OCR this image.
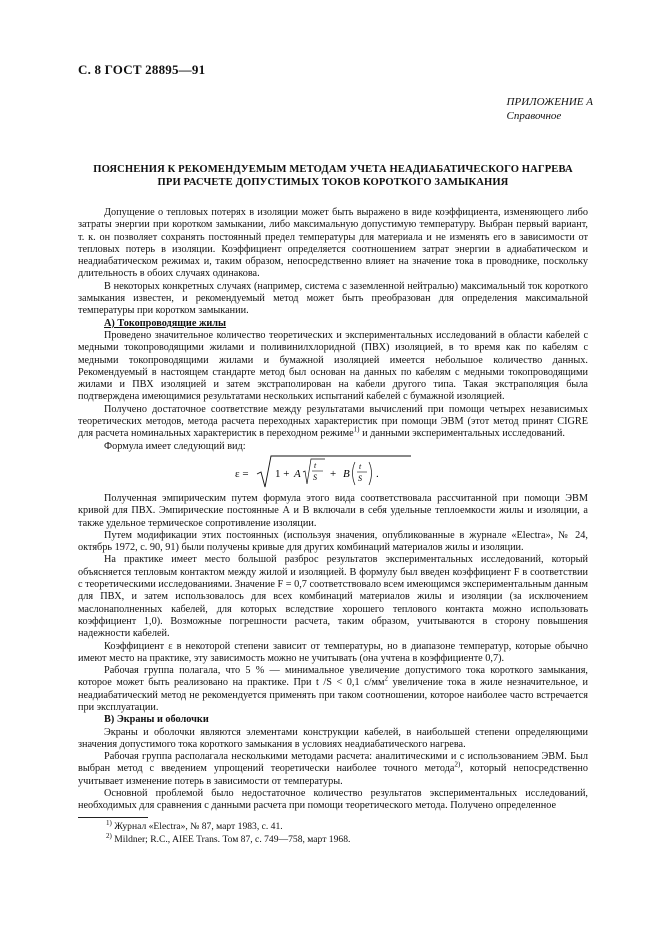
С. 8 ГОСТ 28895—91
ПРИЛОЖЕНИЕ А
Справочное
ПОЯСНЕНИЯ К РЕКОМЕНДУЕМЫМ МЕТОДАМ УЧЕТА НЕАДИАБАТИЧЕСКОГО НАГРЕВА
ПРИ РАСЧЕТЕ ДОПУСТИМЫХ ТОКОВ КОРОТКОГО ЗАМЫКАНИЯ

Допущение о тепловых потерях в изоляции может быть выражено в виде коэффициента, изменяющего либо затраты энергии при коротком замыкании, либо максимальную допустимую температуру. Выбран первый вариант, т. к. он позволяет сохранять постоянный предел температуры для материала и не изменять его в зависимости от тепловых потерь в изоляции. Коэффициент определяется соотношением затрат энергии в адиабатическом и неадиабатическом режимах и, таким образом, непосредственно влияет на значение тока в проводнике, поскольку длительность в обоих случаях одинакова.

В некоторых конкретных случаях (например, система с заземленной нейтралью) максимальный ток короткого замыкания известен, и рекомендуемый метод может быть преобразован для определения максимальной температуры при коротком замыкании.

А) Токопроводящие жилы

Проведено значительное количество теоретических и экспериментальных исследований в области кабелей с медными токопроводящими жилами и поливинилхлоридной (ПВХ) изоляцией, в то время как по кабелям с медными токопроводящими жилами и бумажной изоляцией имеется небольшое количество данных. Рекомендуемый в настоящем стандарте метод был основан на данных по кабелям с медными токопроводящими жилами и ПВХ изоляцией и затем экстраполирован на кабели другого типа. Такая экстраполяция была подтверждена имеющимися результатами нескольких испытаний кабелей с бумажной изоляцией.

Получено достаточное соответствие между результатами вычислений при помощи четырех независимых теоретических методов, метода расчета переходных характеристик при помощи ЭВМ (этот метод принят CIGRE для расчета номинальных характеристик в переходном режиме$^{1)}$ и данными экспериментальных исследований.

Формула имеет следующий вид:

ε = 1 + A
t
S + B
t
S .

Полученная эмпирическим путем формула этого вида соответствовала рассчитанной при помощи ЭВМ кривой для ПВХ. Эмпирические постоянные А и В включали в себя удельные теплоемкости жилы и изоляции, а также удельное термическое сопротивление изоляции.

Путем модификации этих постоянных (используя значения, опубликованные в журнале «Electra», № 24, октябрь 1972, с. 90, 91) были получены кривые для других комбинаций материалов жилы и изоляции.

На практике имеет место большой разброс результатов экспериментальных исследований, который объясняется тепловым контактом между жилой и изоляцией. В формулу был введен коэффициент F в соответствии с теоретическими исследованиями. Значение F = 0,7 соответствовало всем имеющимся экспериментальным данным для ПВХ, и затем использовалось для всех комбинаций материалов жилы и изоляции (за исключением маслонаполненных кабелей, для которых вследствие хорошего теплового контакта можно использовать коэффициент 1,0). Возможные погрешности расчета, таким образом, учитываются в сторону повышения надежности кабелей.

Коэффициент ε в некоторой степени зависит от температуры, но в диапазоне температур, которые обычно имеют место на практике, эту зависимость можно не учитывать (она учтена в коэффициенте 0,7).

Рабочая группа полагала, что 5 % — минимальное увеличение допустимого тока короткого замыкания, которое может быть реализовано на практике. При t /S < 0,1 $с/мм^2$ увеличение тока в жиле незначительное, и неадиабатический метод не рекомендуется применять при таком соотношении, которое наиболее часто встречается при эксплуатации.

В) Экраны и оболочки

Экраны и оболочки являются элементами конструкции кабелей, в наибольшей степени определяющими значения допустимого тока короткого замыкания в условиях неадиабатического нагрева.

Рабочая группа располагала несколькими методами расчета: аналитическими и с использованием ЭВМ. Был выбран метод с введением упрощений теоретически наиболее точного метода$^{2)}$, который непосредственно учитывает изменение потерь в зависимости от температуры.

Основной проблемой было недостаточное количество результатов экспериментальных исследований, необходимых для сравнения с данными расчета при помощи теоретического метода. Получено определенное

$^{1)}$ Журнал «Electra», № 87, март 1983, с. 41.
$^{2)}$ Mildner; R.C., AIEE Trans. Том 87, с. 749—758, март 1968.
